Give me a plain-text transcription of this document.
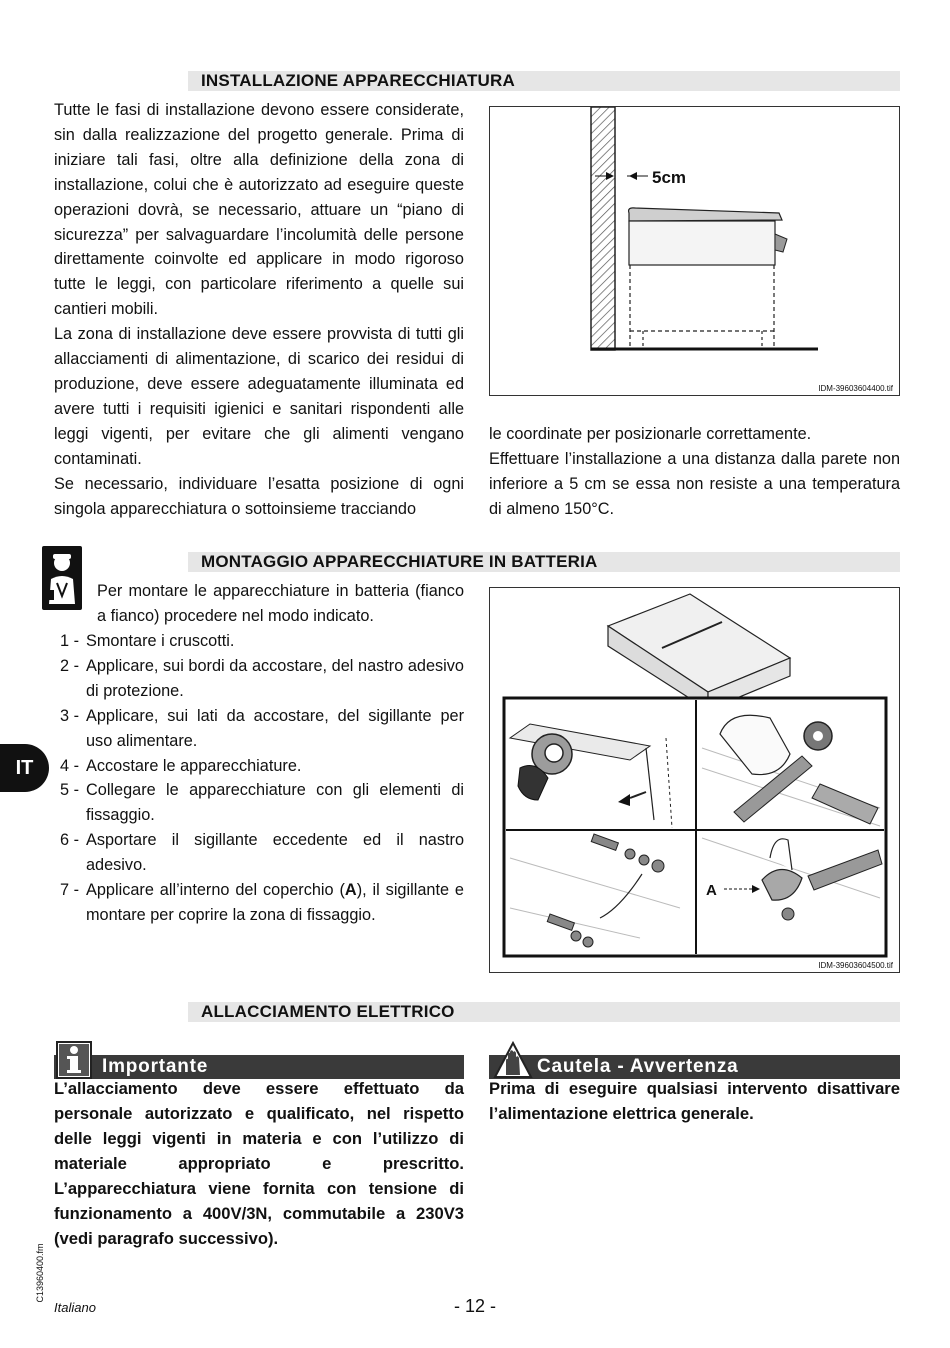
INSTALLAZIONE APPARECCHIATURA

Tutte le fasi di installazione devono essere considerate, sin dalla realizzazione del progetto generale. Prima di iniziare tali fasi, oltre alla definizione della zona di installazione, colui che è autorizzato ad eseguire queste operazioni dovrà, se necessario, attuare un “piano di sicurezza” per salvaguardare l’incolumità delle persone direttamente coinvolte ed applicare in modo rigoroso tutte le leggi, con particolare riferimento a quelle sui cantieri mobili.

La zona di installazione deve essere provvista di tutti gli allacciamenti di alimentazione, di scarico dei residui di produzione, deve essere adeguatamente illuminata ed avere tutti i requisiti igienici e sanitari rispondenti alle leggi vigenti, per evitare che gli alimenti vengano contaminati.

Se necessario, individuare l’esatta posizione di ogni singola apparecchiatura o sottoinsieme tracciando

5cm
IDM-39603604400.tif

le coordinate per posizionarle correttamente.

Effettuare l’installazione a una distanza dalla parete non inferiore a 5 cm se essa non resiste a una temperatura di almeno 150°C.

MONTAGGIO APPARECCHIATURE IN BATTERIA
Per montare le apparecchiature in batteria (fianco a fianco) procedere nel modo indicato.
1 - Smontare i cruscotti.
2 - Applicare, sui bordi da accostare, del nastro adesivo di protezione.
3 - Applicare, sui lati da accostare, del sigillante per uso alimentare.
4 - Accostare le apparecchiature.
5 - Collegare le apparecchiature con gli elementi di fissaggio.
6 - Asportare il sigillante eccedente ed il nastro adesivo.
7 - Applicare all’interno del coperchio (A), il sigillante e montare per coprire la zona di fissaggio.
A
IDM-39603604500.tif
IT
ALLACCIAMENTO ELETTRICO
Importante
L’allacciamento deve essere effettuato da personale autorizzato e qualificato, nel rispetto delle leggi vigenti in materia e con l’utilizzo di materiale appropriato e prescritto. L’apparecchiatura viene fornita con tensione di funzionamento a 400V/3N, commutabile a 230V3 (vedi paragrafo successivo).
Cautela - Avvertenza
Prima di eseguire qualsiasi intervento disattivare l’alimentazione elettrica generale.
C13960400.fm
Italiano	- 12 -
